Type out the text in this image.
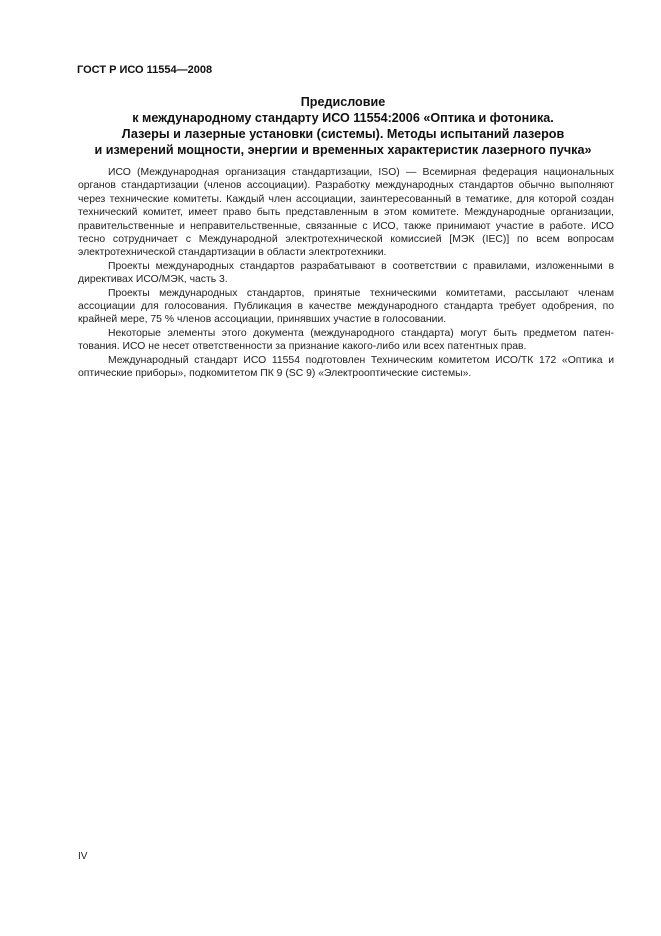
ГОСТ Р ИСО 11554—2008
Предисловие
к международному стандарту ИСО 11554:2006 «Оптика и фотоника.
Лазеры и лазерные установки (системы). Методы испытаний лазеров
и измерений мощности, энергии и временных характеристик лазерного пучка»

ИСО (Международная организация стандартизации, ISO) — Всемирная федерация национальных органов стандартизации (членов ассоциации). Разработку международных стандартов обычно выполняют через технические комитеты. Каждый член ассоциации, заинтересованный в тематике, для которой создан технический комитет, имеет право быть представленным в этом комитете. Международные организации, правительственные и неправительственные, связанные с ИСО, также принимают участие в работе. ИСО тесно сотрудничает с Международной электротехнической комиссией [МЭК (IEC)] по всем вопросам электротехнической стандартизации в области электротехники.

Проекты международных стандартов разрабатывают в соответствии с правилами, изложенными в директивах ИСО/МЭК, часть 3.

Проекты международных стандартов, принятые техническими комитетами, рассылают членам ассоциации для голосования. Публикация в качестве международного стандарта требует одобрения, по крайней мере, 75 % членов ассоциации, принявших участие в голосовании.

Некоторые элементы этого документа (международного стандарта) могут быть предметом патентования. ИСО не несет ответственности за признание какого-либо или всех патентных прав.

Международный стандарт ИСО 11554 подготовлен Техническим комитетом ИСО/ТК 172 «Оптика и оптические приборы», подкомитетом ПК 9 (SC 9) «Электрооптические системы».

IV
